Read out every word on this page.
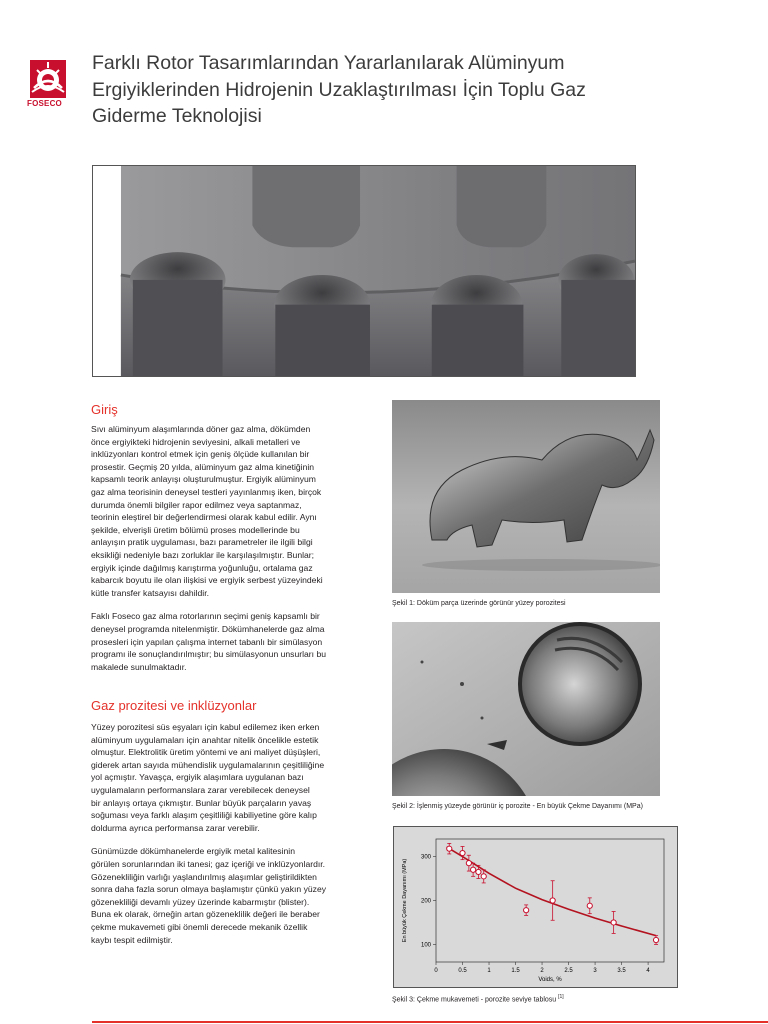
FOSECO
Farklı Rotor Tasarımlarından Yararlanılarak Alüminyum
Ergiyiklerinden Hidrojenin Uzaklaştırılması İçin Toplu Gaz
Giderme Teknolojisi
Giriş

Sıvı alüminyum alaşımlarında döner gaz alma, dökümden
önce ergiyikteki hidrojenin seviyesini, alkali metalleri ve
inklüzyonları kontrol etmek için geniş ölçüde kullanılan bir
prosestir. Geçmiş 20 yılda, alüminyum gaz alma kinetiğinin
kapsamlı teorik anlayışı oluşturulmuştur. Ergiyik alüminyum
gaz alma teorisinin deneysel testleri yayınlanmış iken, birçok
durumda önemli bilgiler rapor edilmez veya saptanmaz,
teorinin eleştirel bir değerlendirmesi olarak kabul edilir. Aynı
şekilde, elverişli üretim bölümü proses modellerinde bu
anlayışın pratik uygulaması, bazı parametreler ile ilgili bilgi
eksikliği nedeniyle bazı zorluklar ile karşılaşılmıştır. Bunlar;
ergiyik içinde dağılmış karıştırma yoğunluğu, ortalama gaz
kabarcık boyutu ile olan ilişkisi ve ergiyik serbest yüzeyindeki
kütle transfer katsayısı dahildir.

Faklı Foseco gaz alma rotorlarının seçimi geniş kapsamlı bir
deneysel programda nitelenmiştir. Dökümhanelerde gaz alma
prosesleri için yapılan çalışma internet tabanlı bir simülasyon
programı ile sonuçlandırılmıştır; bu simülasyonun unsurları bu
makalede sunulmaktadır.

Gaz prozitesi ve inklüzyonlar

Yüzey porozitesi süs eşyaları için kabul edilemez iken erken
alüminyum uygulamaları için anahtar nitelik öncelikle estetik
olmuştur. Elektrolitik üretim yöntemi ve ani maliyet düşüşleri,
giderek artan sayıda mühendislik uygulamalarının çeşitliliğine
yol açmıştır. Yavaşça, ergiyik alaşımlara uygulanan bazı
uygulamaların performanslara zarar verebilecek deneysel
bir anlayış ortaya çıkmıştır. Bunlar büyük parçaların yavaş
soğuması veya farklı alaşım çeşitliliği kabiliyetine göre kalıp
doldurma ayrıca performansa zarar verebilir.

Günümüzde dökümhanelerde ergiyik metal kalitesinin
görülen sorunlarından iki tanesi; gaz içeriği ve inklüzyonlardır.
Gözenekliliğin varlığı yaşlandırılmış alaşımlar geliştirildikten
sonra daha fazla sorun olmaya başlamıştır çünkü yakın yüzey
gözenekliliği devamlı yüzey üzerinde kabarmıştır (blister).
Buna ek olarak, örneğin artan gözeneklilik değeri ile beraber
çekme mukavemeti gibi önemli derecede mekanik özellik
kaybı tespit edilmiştir.

Şekil 1: Döküm parça üzerinde görünür yüzey porozitesi
Şekil 2: İşlenmiş yüzeyde görünür iç porozite - En büyük Çekme Dayanımı (MPa)
0	0.5	1	1.5	2	2.5	3	3.5	4
100
200
300
Voids, %
En büyük Çekme Dayanımı (MPa)
Şekil 3: Çekme mukavemeti - porozite seviye tablosu [1]
